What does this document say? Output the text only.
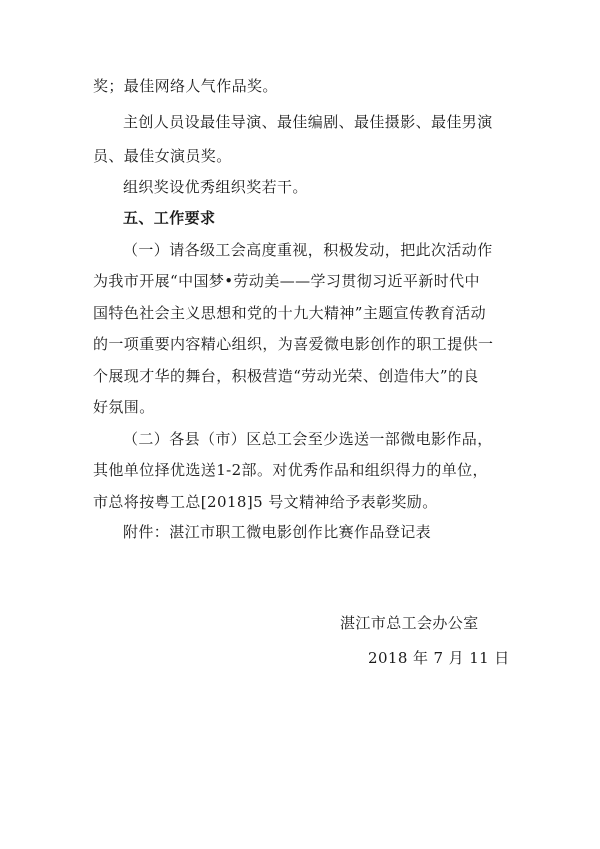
奖；最佳网络人气作品奖。
主创人员设最佳导演、最佳编剧、最佳摄影、最佳男演
员、最佳女演员奖。
组织奖设优秀组织奖若干。
五、工作要求
（一）请各级工会高度重视，积极发动，把此次活动作
为我市开展“中国梦•劳动美——学习贯彻习近平新时代中
国特色社会主义思想和党的十九大精神”主题宣传教育活动
的一项重要内容精心组织，为喜爱微电影创作的职工提供一
个展现才华的舞台，积极营造“劳动光荣、创造伟大”的良
好氛围。
（二）各县（市）区总工会至少选送一部微电影作品，
其他单位择优选送1-2部。对优秀作品和组织得力的单位，
市总将按粤工总[2018]5 号文精神给予表彰奖励。
附件：湛江市职工微电影创作比赛作品登记表
湛江市总工会办公室
2018 年 7 月 11 日
